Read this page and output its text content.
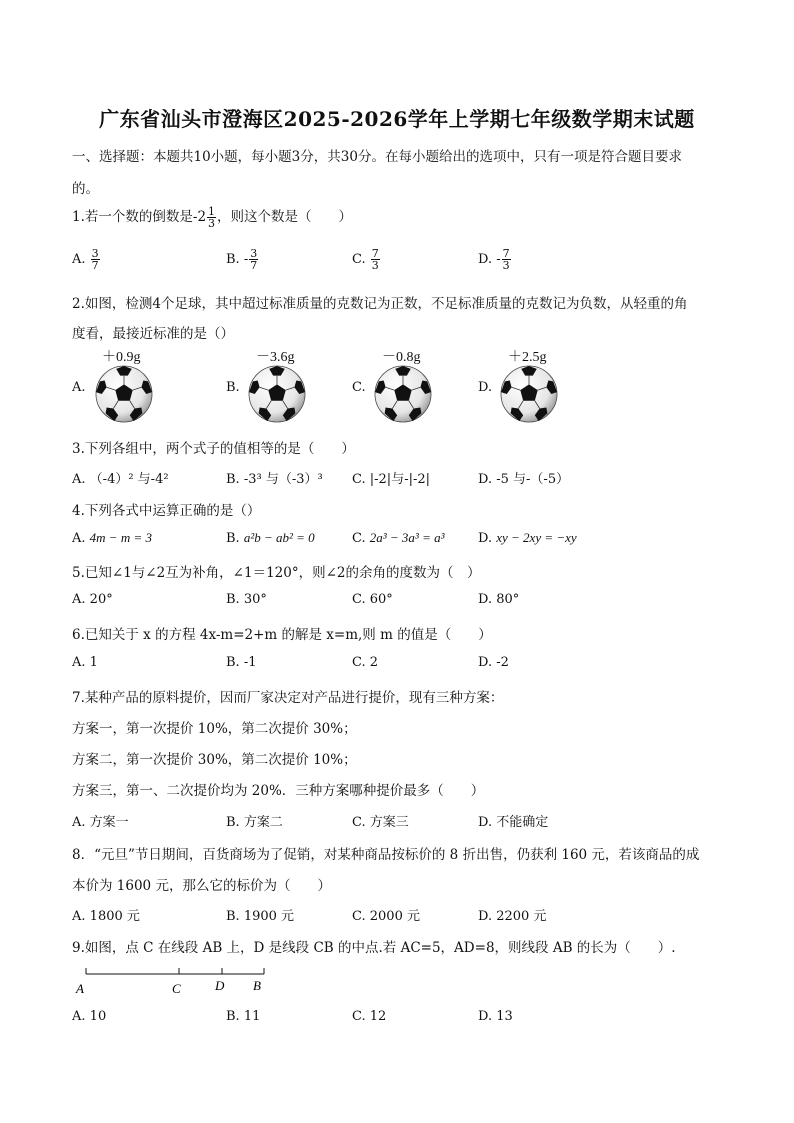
广东省汕头市澄海区2025-2026学年上学期七年级数学期末试题
一、选择题：本题共10小题，每小题3分，共30分。在每小题给出的选项中，只有一项是符合题目要求
的。
1.若一个数的倒数是$-2 \frac{1}{3}$ ，则这个数是（　　）
A. $\frac{3}{7}$	B. - $\frac{3}{7}$	C. $\frac{7}{3}$	D. - $\frac{7}{3}$
2.如图，检测4个足球，其中超过标准质量的克数记为正数，不足标准质量的克数记为负数，从轻重的角
度看，最接近标准的是（）
＋0.9g	－3.6g	－0.8g	＋2.5g
A.	B.	C.	D.
3.下列各组中，两个式子的值相等的是（　　）
A. （-4）² 与-4²	B. -3³ 与（-3）³ C. |-2|与-|-2|	D. -5 与-（-5）
4.下列各式中运算正确的是（）
A. 4m − m = 3	B. a²b − ab² = 0	C. 2a³ − 3a³ = a³	D. xy − 2xy = −xy
5.已知∠1与∠2互为补角，∠1＝120°，则∠2的余角的度数为（　）
A. 20°	B. 30°	C. 60°	D. 80°
6.已知关于 x 的方程 4x-m=2+m 的解是 x=m,则 m 的值是（　　）
A. 1	B. -1	C. 2	D. -2
7.某种产品的原料提价，因而厂家决定对产品进行提价，现有三种方案：
方案一，第一次提价 10%，第二次提价 30%；
方案二，第一次提价 30%，第二次提价 10%；
方案三，第一、二次提价均为 20%．三种方案哪种提价最多（　　）
A. 方案一	B. 方案二	C. 方案三	D. 不能确定
8．“元旦”节日期间，百货商场为了促销，对某种商品按标价的 8 折出售，仍获利 160 元，若该商品的成
本价为 1600 元，那么它的标价为（　　）
A. 1800 元	B. 1900 元	C. 2000 元	D. 2200 元
9.如图，点 C 在线段 AB 上，D 是线段 CB 的中点.若 AC=5，AD=8，则线段 AB 的长为（　　）.
A	C	D B
A. 10	B. 11	C. 12	D. 13
